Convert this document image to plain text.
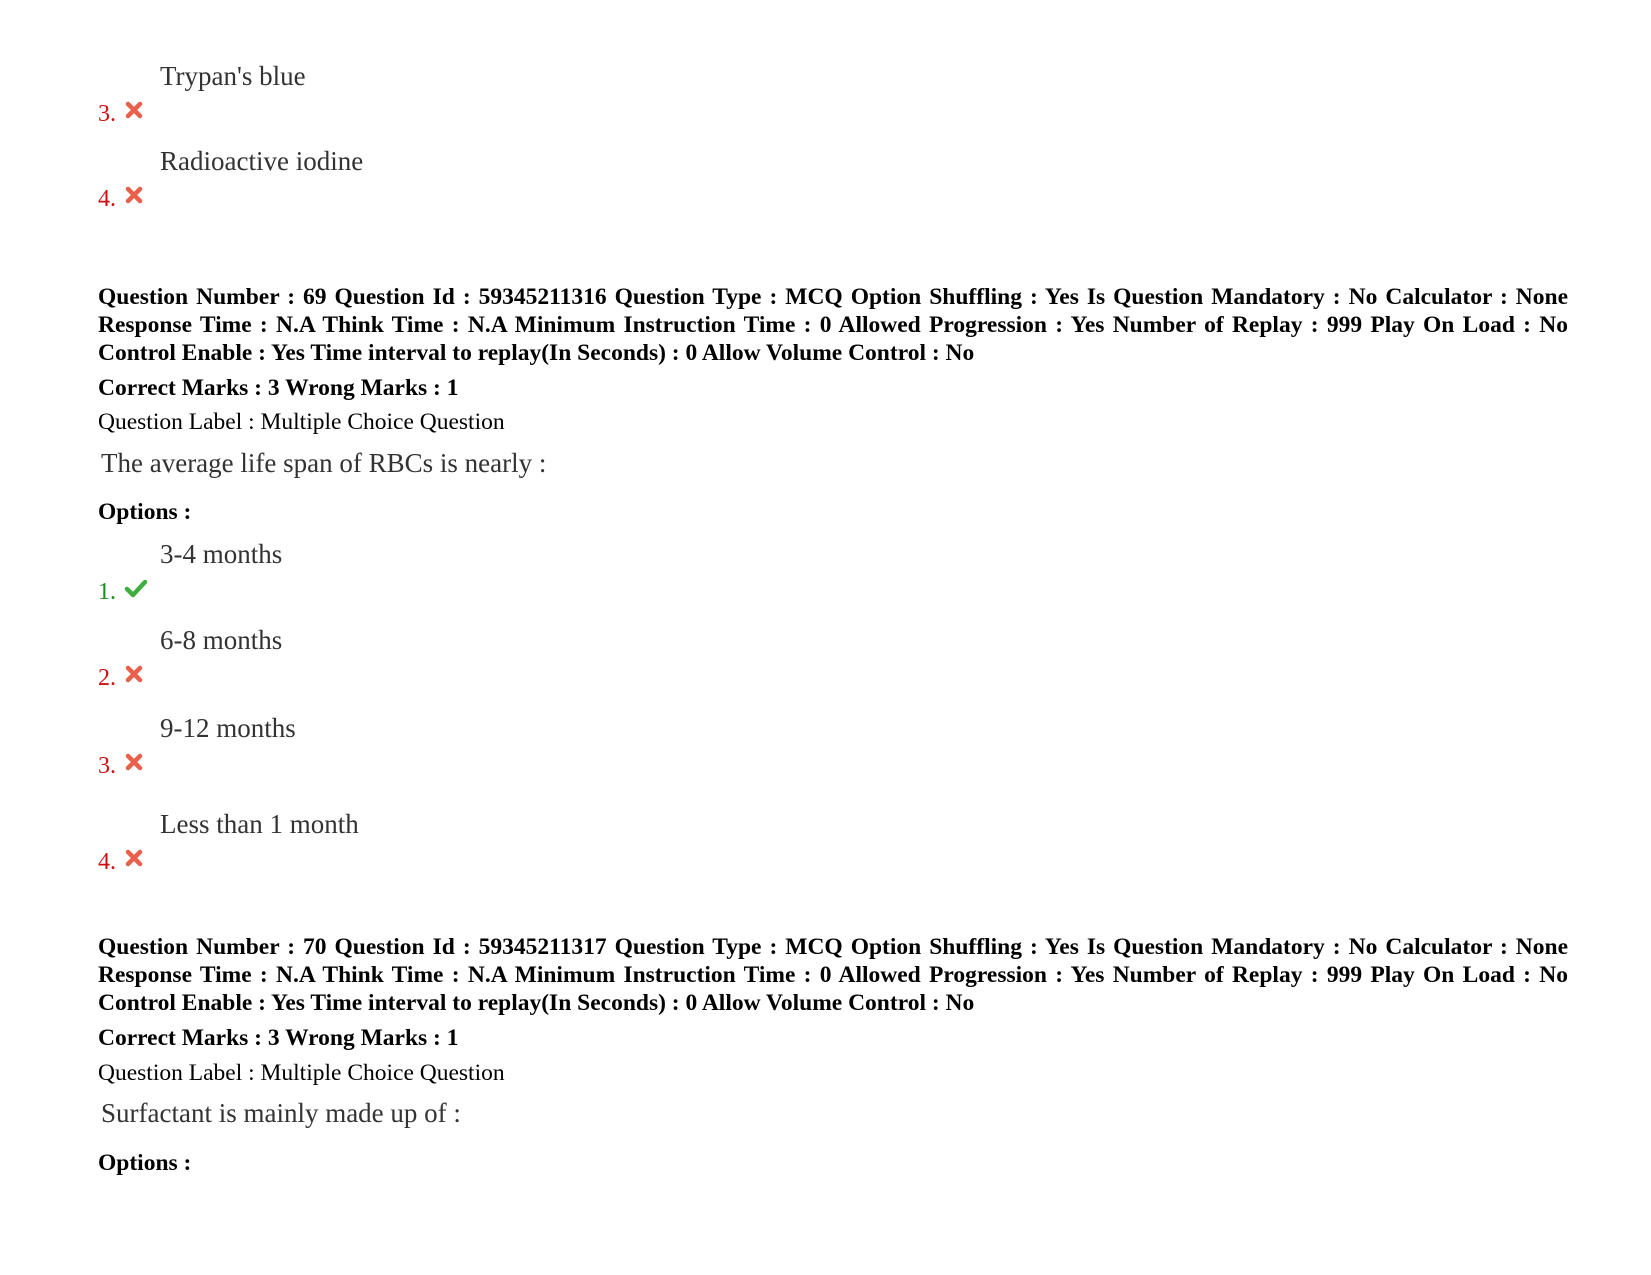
3.
Trypan's blue
4.
Radioactive iodine
Question Number : 69 Question Id : 59345211316 Question Type : MCQ Option Shuffling : Yes Is Question Mandatory : No Calculator : None Response Time : N.A Think Time : N.A Minimum Instruction Time : 0 Allowed Progression : Yes Number of Replay : 999 Play On Load : No Control Enable : Yes Time interval to replay(In Seconds) : 0 Allow Volume Control : No
Correct Marks : 3 Wrong Marks : 1
Question Label : Multiple Choice Question
The average life span of RBCs is nearly :
Options :
1.
3-4 months
2.
6-8 months
3.
9-12 months
4.
Less than 1 month
Question Number : 70 Question Id : 59345211317 Question Type : MCQ Option Shuffling : Yes Is Question Mandatory : No Calculator : None Response Time : N.A Think Time : N.A Minimum Instruction Time : 0 Allowed Progression : Yes Number of Replay : 999 Play On Load : No Control Enable : Yes Time interval to replay(In Seconds) : 0 Allow Volume Control : No
Correct Marks : 3 Wrong Marks : 1
Question Label : Multiple Choice Question
Surfactant is mainly made up of :
Options :
